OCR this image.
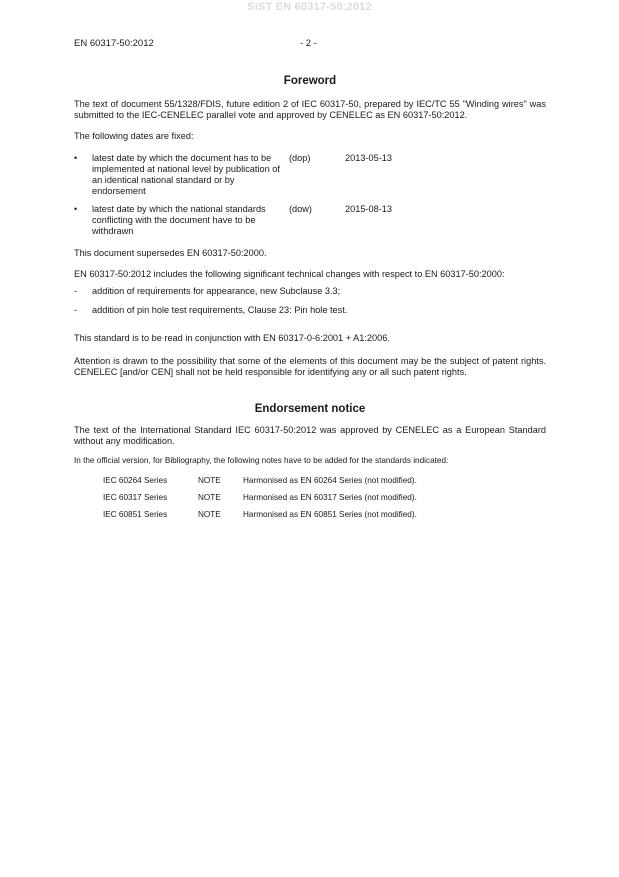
SIST EN 60317-50:2012
EN 60317-50:2012	- 2 -
Foreword

The text of document 55/1328/FDIS, future edition 2 of IEC 60317-50, prepared by IEC/TC 55 "Winding wires" was submitted to the IEC-CENELEC parallel vote and approved by CENELEC as EN 60317-50:2012.

The following dates are fixed:

•	latest date by which the document has to be implemented at national level by publication of an identical national standard or by endorsement
(dop)	2013-05-13
•	latest date by which the national standards conflicting with the document have to be withdrawn
(dow)	2015-08-13

This document supersedes EN 60317-50:2000.

EN 60317-50:2012 includes the following significant technical changes with respect to EN 60317-50:2000:

-	addition of requirements for appearance, new Subclause 3.3;
-	addition of pin hole test requirements, Clause 23: Pin hole test.

This standard is to be read in conjunction with EN 60317-0-6:2001 + A1:2006.

Attention is drawn to the possibility that some of the elements of this document may be the subject of patent rights. CENELEC [and/or CEN] shall not be held responsible for identifying any or all such patent rights.

Endorsement notice

The text of the International Standard IEC 60317-50:2012 was approved by CENELEC as a European Standard without any modification.

In the official version, for Bibliography, the following notes have to be added for the standards indicated:

IEC 60264 Series	NOTE	Harmonised as EN 60264 Series (not modified).
IEC 60317 Series	NOTE	Harmonised as EN 60317 Series (not modified).
IEC 60851 Series	NOTE	Harmonised as EN 60851 Series (not modified).
